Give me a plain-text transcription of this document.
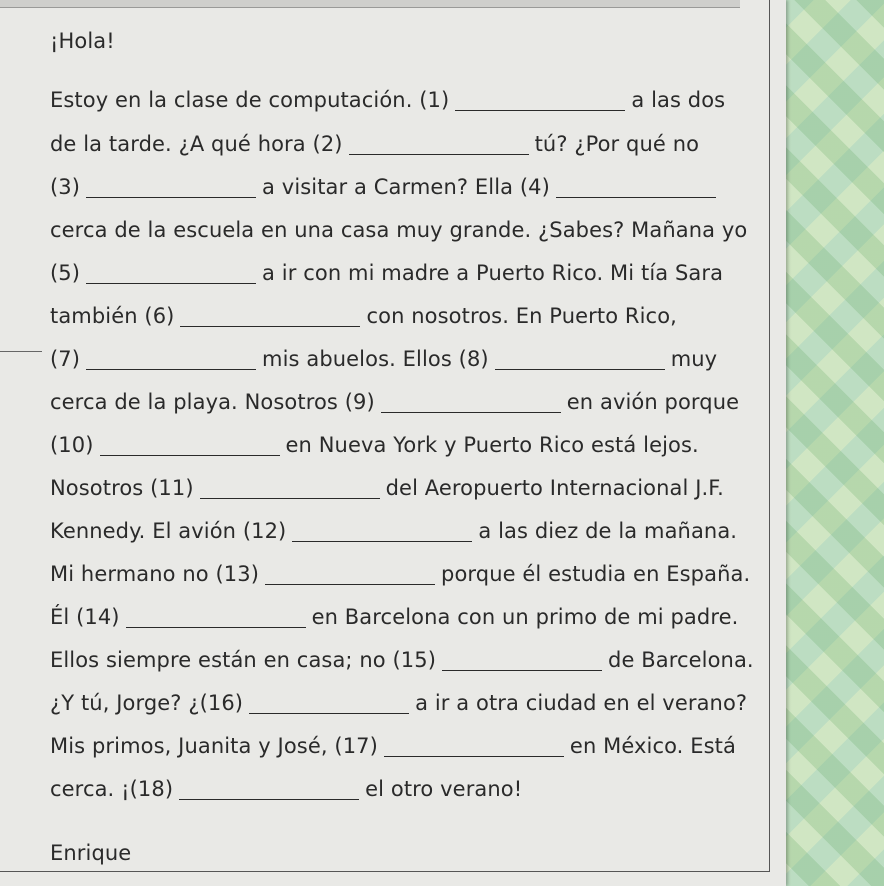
¡Hola!
Estoy en la clase de computación. (1)	a las dos
de la tarde. ¿A qué hora (2)	tú? ¿Por qué no
(3)	a visitar a Carmen? Ella (4)
cerca de la escuela en una casa muy grande. ¿Sabes? Mañana yo
(5)	a ir con mi madre a Puerto Rico. Mi tía Sara
también (6)	con nosotros. En Puerto Rico,
(7)	mis abuelos. Ellos (8)	muy
cerca de la playa. Nosotros (9)	en avión porque
(10)	en Nueva York y Puerto Rico está lejos.
Nosotros (11)	del Aeropuerto Internacional J.F.
Kennedy. El avión (12)	a las diez de la mañana.
Mi hermano no (13)	porque él estudia en España.
Él (14)	en Barcelona con un primo de mi padre.
Ellos siempre están en casa; no (15)	de Barcelona.
¿Y tú, Jorge? ¿(16)	a ir a otra ciudad en el verano?
Mis primos, Juanita y José, (17)	en México. Está
cerca. ¡(18)	el otro verano!
Enrique
